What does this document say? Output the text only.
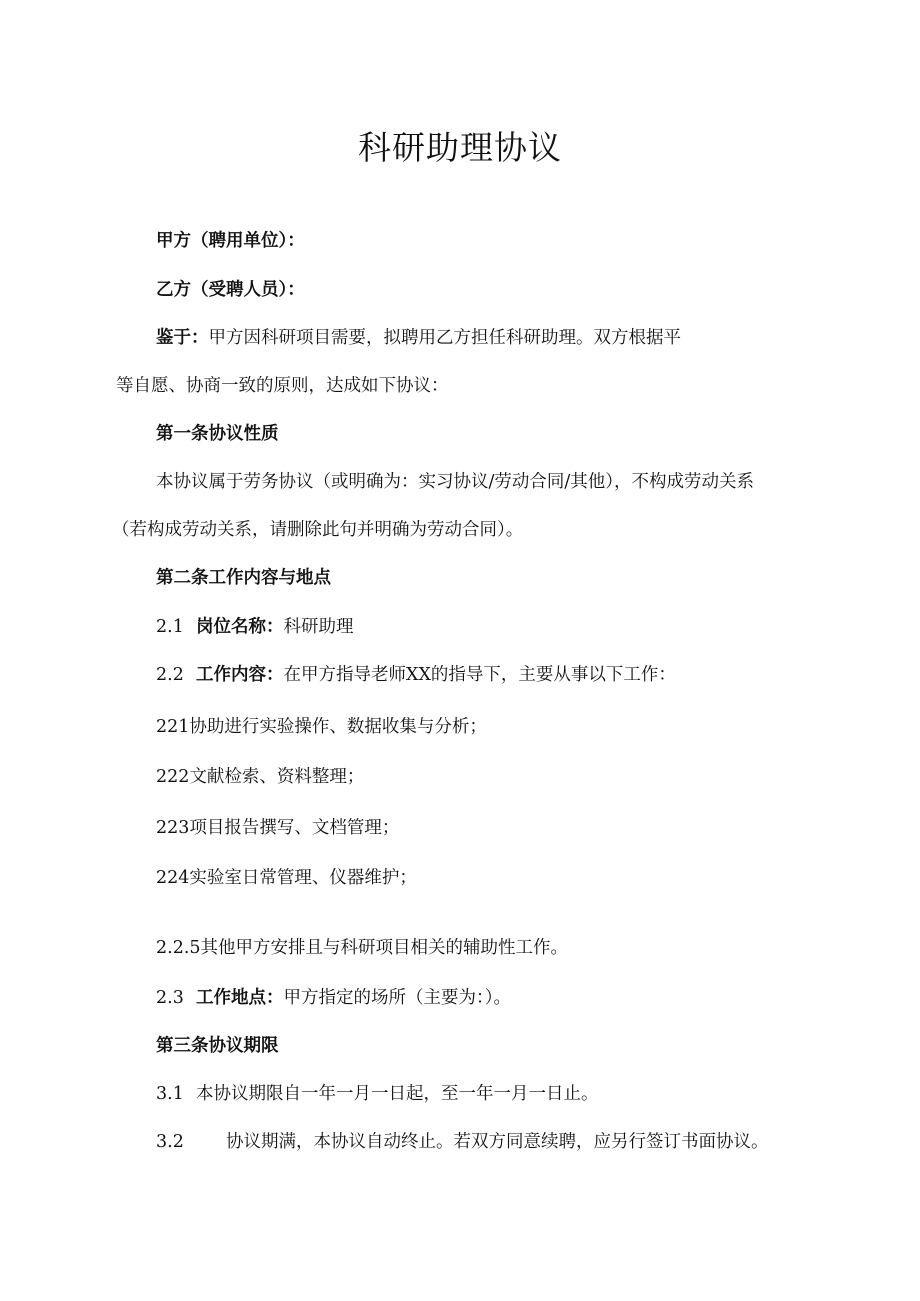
科研助理协议
甲方（聘用单位）：
乙方（受聘人员）：
鉴于：甲方因科研项目需要，拟聘用乙方担任科研助理。双方根据平
等自愿、协商一致的原则，达成如下协议：
第一条协议性质
本协议属于劳务协议（或明确为：实习协议/劳动合同/其他），不构成劳动关系
（若构成劳动关系，请删除此句并明确为劳动合同）。
第二条工作内容与地点
2.1 岗位名称：科研助理
2.2 工作内容：在甲方指导老师XX的指导下，主要从事以下工作：
221协助进行实验操作、数据收集与分析；
222文献检索、资料整理；
223项目报告撰写、文档管理；
224实验室日常管理、仪器维护；
2.2.5其他甲方安排且与科研项目相关的辅助性工作。
2.3 工作地点：甲方指定的场所（主要为：）。
第三条协议期限
3.1 本协议期限自一年一月一日起，至一年一月一日止。
3.2 协议期满，本协议自动终止。若双方同意续聘，应另行签订书面协议。
